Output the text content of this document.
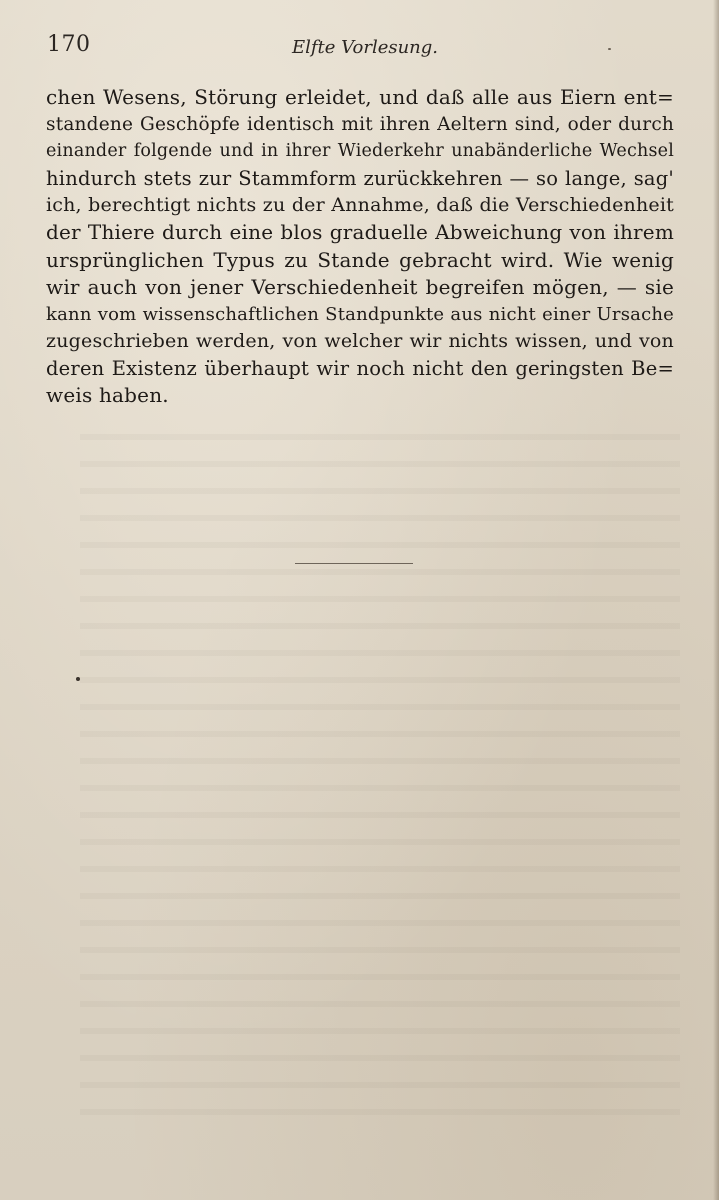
170	Elfte Vorlesung.
chen Wesens, Störung erleidet, und daß alle aus Eiern ent=
standene Geschöpfe identisch mit ihren Aeltern sind, oder durch
einander folgende und in ihrer Wiederkehr unabänderliche Wechsel
hindurch stets zur Stammform zurückkehren — so lange, sag'
ich, berechtigt nichts zu der Annahme, daß die Verschiedenheit
der Thiere durch eine blos graduelle Abweichung von ihrem
ursprünglichen Typus zu Stande gebracht wird. Wie wenig
wir auch von jener Verschiedenheit begreifen mögen, — sie
kann vom wissenschaftlichen Standpunkte aus nicht einer Ursache
zugeschrieben werden, von welcher wir nichts wissen, und von
deren Existenz überhaupt wir noch nicht den geringsten Be=
weis haben.
